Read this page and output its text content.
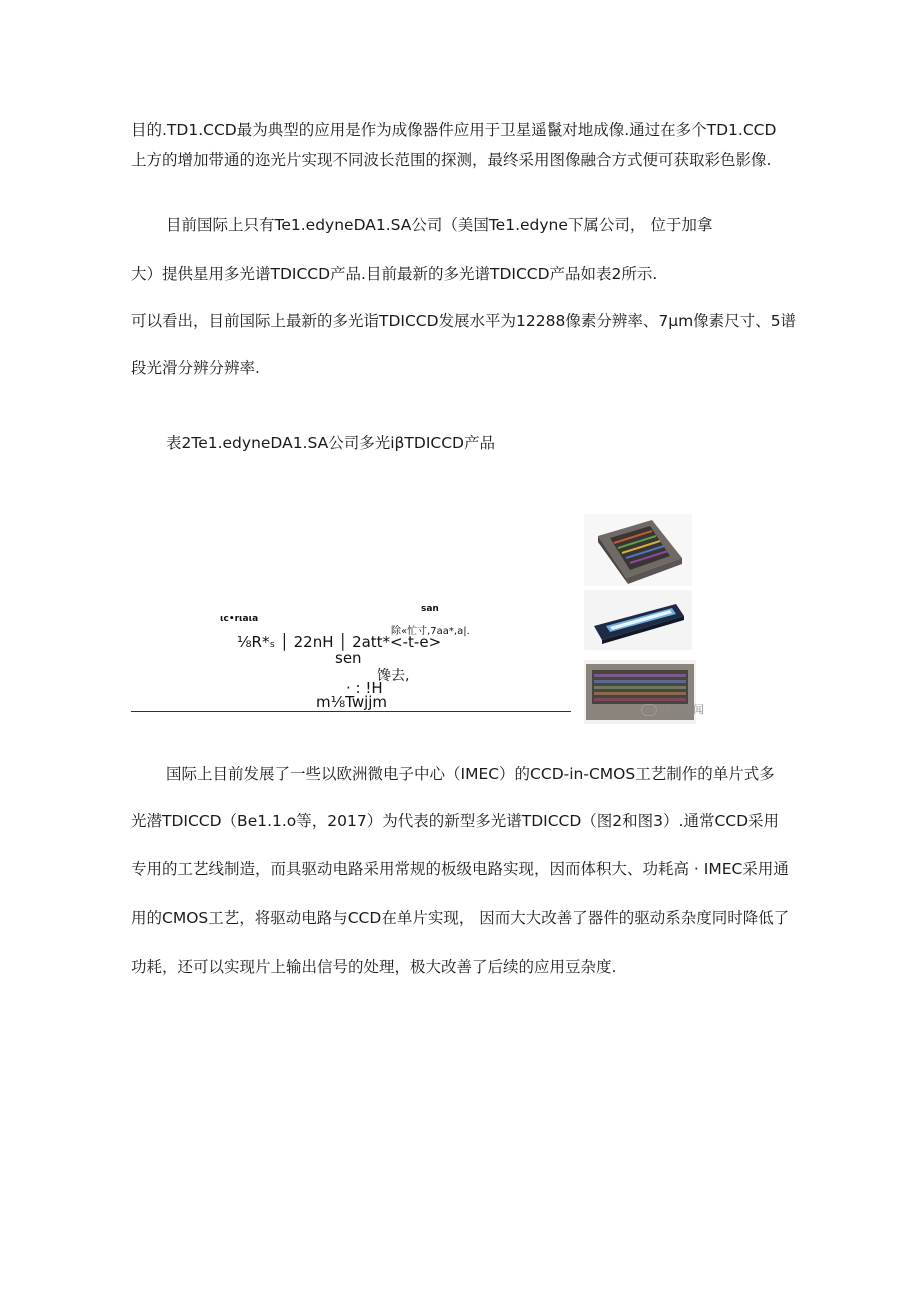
目的.TD1.CCD最为典型的应用是作为成像器件应用于卫星遥鬣对地成像.通过在多个TD1.CCD
上方的增加带通的迩光片实现不同波长范围的探测，最终采用图像融合方式便可获取彩色影像.
目前国际上只有Te1.edyneDA1.SA公司（美国Te1.edyne下属公司， 位于加拿
大）提供星用多光谱TDICCD产品.目前最新的多光谱TDICCD产品如表2所示.
可以看出，目前国际上最新的多光诣TDICCD发展水平为12288像素分辨率、7μm像素尺寸、5谱
段光滑分辨分辨率.
表2Te1.edyneDA1.SA公司多光iβTDICCD产品
ιc•rιaιa
san
⅛R*ₛ │ 22nH │ 2att*<-t-e>
除«忙寸,7aa*,a|.
sen
馋去,
· : !H
m⅛Twjjm	红外芯闻
国际上目前发展了一些以欧洲微电子中心（IMEC）的CCD-in-CMOS工艺制作的单片式多
光潜TDICCD（Be1.1.o等，2017）为代表的新型多光谱TDICCD（图2和图3）.通常CCD采用
专用的工艺线制造，而具驱动电路采用常规的板级电路实现，因而体积大、功耗高 · IMEC采用通
用的CMOS工艺，将驱动电路与CCD在单片实现， 因而大大改善了器件的驱动系杂度同时降低了
功耗，还可以实现片上输出信号的处理，极大改善了后续的应用豆杂度.
